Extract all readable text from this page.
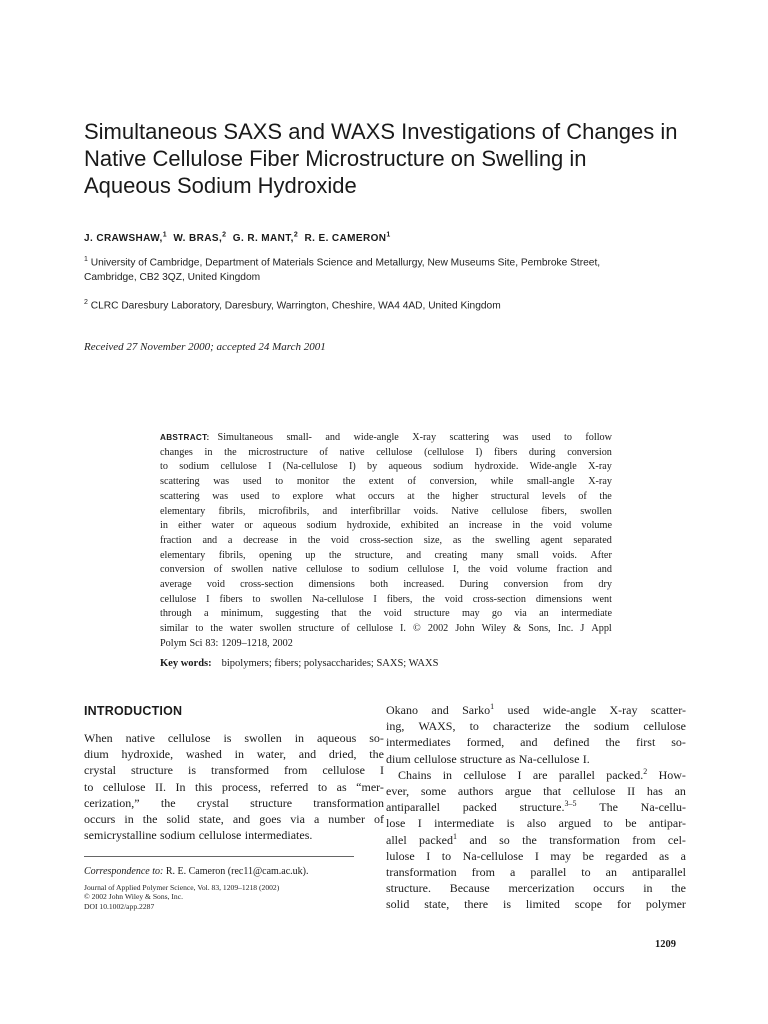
Simultaneous SAXS and WAXS Investigations of Changes in
Native Cellulose Fiber Microstructure on Swelling in
Aqueous Sodium Hydroxide
J. CRAWSHAW,$^1$ W. BRAS,$^2$ G. R. MANT,$^2$ R. E. CAMERON$^1$
$^1$ University of Cambridge, Department of Materials Science and Metallurgy, New Museums Site, Pembroke Street,
Cambridge, CB2 3QZ, United Kingdom
$^2$ CLRC Daresbury Laboratory, Daresbury, Warrington, Cheshire, WA4 4AD, United Kingdom
Received 27 November 2000; accepted 24 March 2001
ABSTRACT: Simultaneous small- and wide-angle X-ray scattering was used to follow
changes in the microstructure of native cellulose (cellulose I) fibers during conversion
to sodium cellulose I (Na-cellulose I) by aqueous sodium hydroxide. Wide-angle X-ray
scattering was used to monitor the extent of conversion, while small-angle X-ray
scattering was used to explore what occurs at the higher structural levels of the
elementary fibrils, microfibrils, and interfibrillar voids. Native cellulose fibers, swollen
in either water or aqueous sodium hydroxide, exhibited an increase in the void volume
fraction and a decrease in the void cross-section size, as the swelling agent separated
elementary fibrils, opening up the structure, and creating many small voids. After
conversion of swollen native cellulose to sodium cellulose I, the void volume fraction and
average void cross-section dimensions both increased. During conversion from dry
cellulose I fibers to swollen Na-cellulose I fibers, the void cross-section dimensions went
through a minimum, suggesting that the void structure may go via an intermediate
similar to the water swollen structure of cellulose I. © 2002 John Wiley & Sons, Inc. J Appl
Polym Sci 83: 1209–1218, 2002
Key words: bipolymers; fibers; polysaccharides; SAXS; WAXS
INTRODUCTION
When native cellulose is swollen in aqueous so-
dium hydroxide, washed in water, and dried, the
crystal structure is transformed from cellulose I
to cellulose II. In this process, referred to as “mer-
cerization,” the crystal structure transformation
occurs in the solid state, and goes via a number of
semicrystalline sodium cellulose intermediates.
Okano and Sarko$^1$ used wide-angle X-ray scatter-
ing, WAXS, to characterize the sodium cellulose
intermediates formed, and defined the first so-
dium cellulose structure as Na-cellulose I.
Chains in cellulose I are parallel packed.$^2$ How-
ever, some authors argue that cellulose II has an
antiparallel packed structure.$^{3-5}$ The Na-cellu-
lose I intermediate is also argued to be antipar-
allel packed$^1$ and so the transformation from cel-
lulose I to Na-cellulose I may be regarded as a
transformation from a parallel to an antiparallel
structure. Because mercerization occurs in the
solid state, there is limited scope for polymer
Correspondence to: R. E. Cameron (rec11@cam.ac.uk).
Journal of Applied Polymer Science, Vol. 83, 1209–1218 (2002)
© 2002 John Wiley & Sons, Inc.
DOI 10.1002/app.2287
1209
